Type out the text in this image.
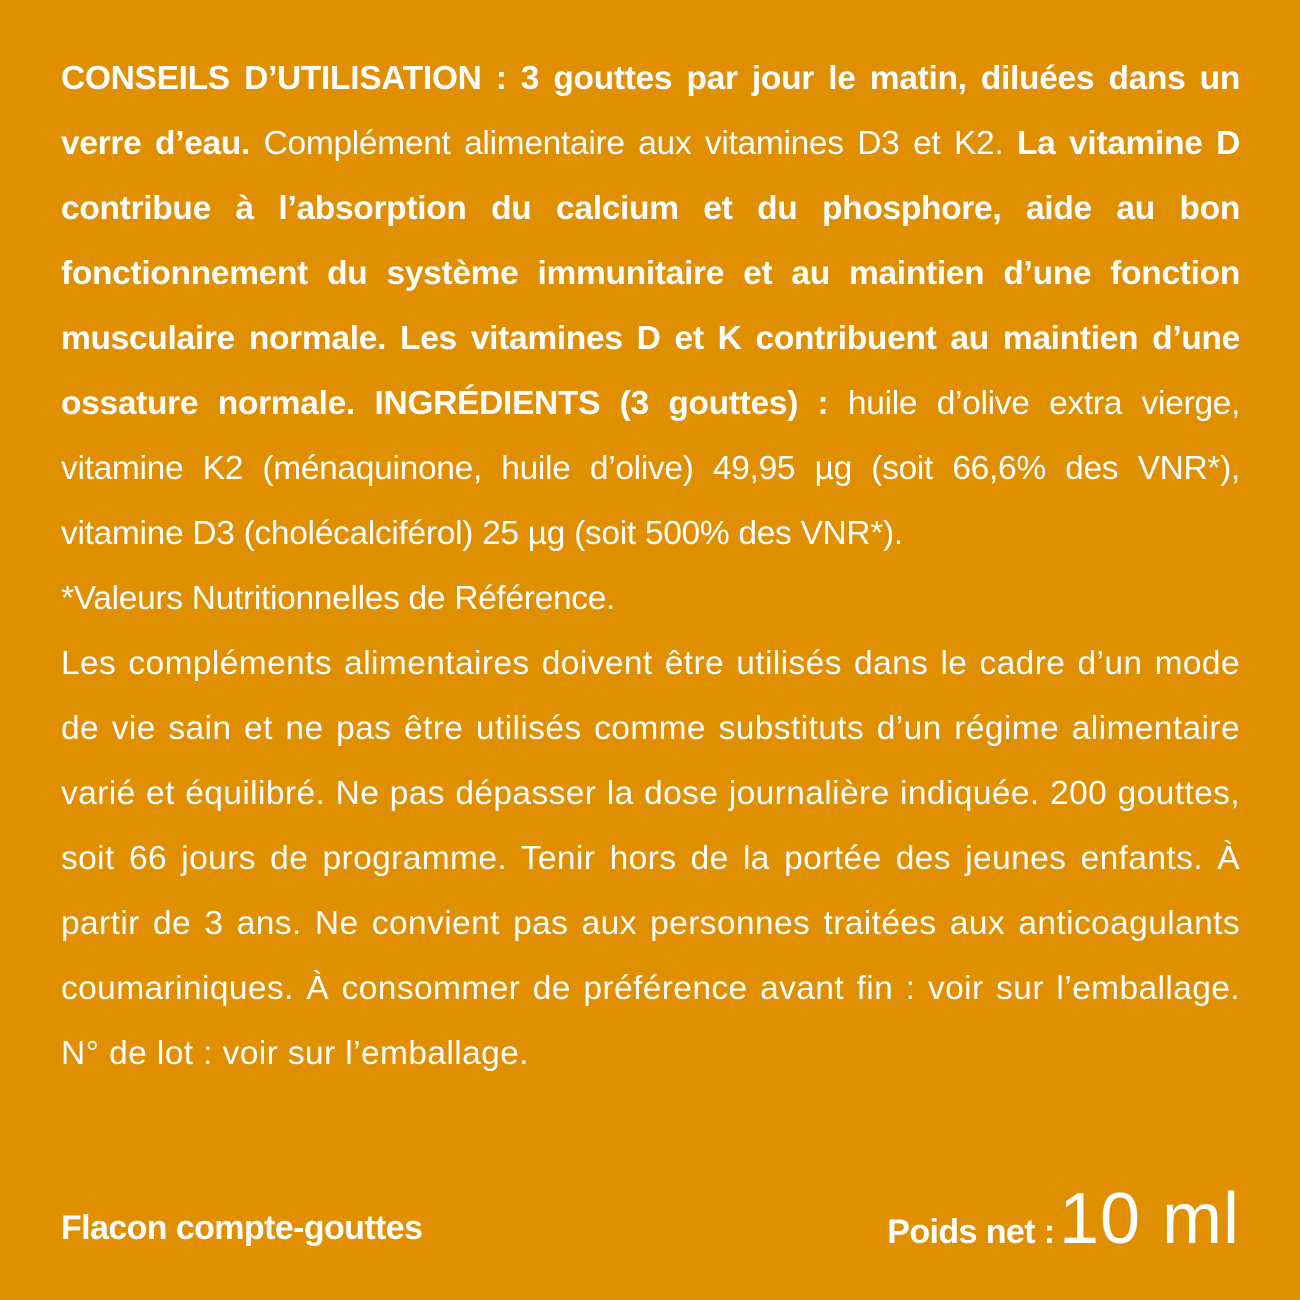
CONSEILS D’UTILISATION : 3 gouttes par jour le matin, diluées dans un verre d’eau. Complément alimentaire aux vitamines D3 et K2. La vitamine D contribue à l’absorption du calcium et du phosphore, aide au bon fonctionnement du système immunitaire et au maintien d’une fonction musculaire normale. Les vitamines D et K contribuent au maintien d’une ossature normale. INGRÉDIENTS (3 gouttes) : huile d’olive extra vierge, vitamine K2 (ménaquinone, huile d’olive) 49,95 µg (soit 66,6% des VNR*), vitamine D3 (cholécalciférol) 25 µg (soit 500% des VNR*).
*Valeurs Nutritionnelles de Référence.
Les compléments alimentaires doivent être utilisés dans le cadre d’un mode de vie sain et ne pas être utilisés comme substituts d’un régime alimentaire varié et équilibré. Ne pas dépasser la dose journalière indiquée. 200 gouttes, soit 66 jours de programme. Tenir hors de la portée des jeunes enfants. À partir de 3 ans. Ne convient pas aux personnes traitées aux anticoagulants coumariniques. À consommer de préférence avant fin : voir sur l’emballage. N° de lot : voir sur l’emballage.
Flacon compte-gouttes	Poids net : 10 ml
